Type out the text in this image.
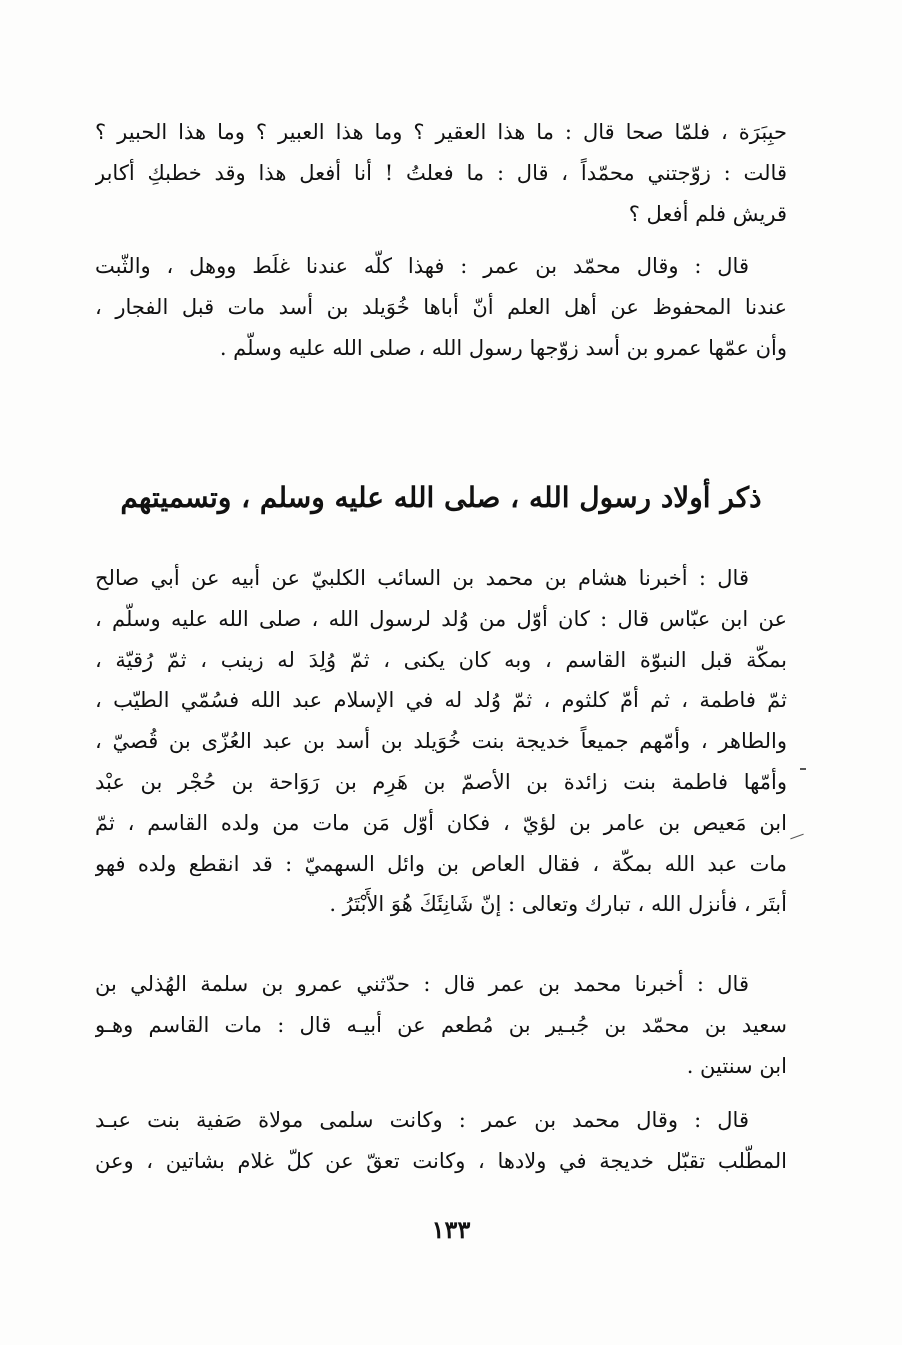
حبِبَرَة ، فلمّا صحا قال : ما هذا العقير ؟ وما هذا العبير ؟ وما هذا الحبير ؟
قالت : زوّجتني محمّداً ، قال : ما فعلتُ ! أنا أفعل هذا وقد خطبكِ أكابر
قريش فلم أفعل ؟
قال : وقال محمّد بن عمر : فهذا كلّه عندنا غلَط ووهل ، والثّبت
عندنا المحفوظ عن أهل العلم أنّ أباها خُوَيلد بن أسد مات قبل الفجار ،
وأن عمّها عمرو بن أسد زوّجها رسول الله ، صلى الله عليه وسلّم .
ذكر أولاد رسول الله ، صلى الله عليه وسلم ، وتسميتهم
قال : أخبرنا هشام بن محمد بن السائب الكلبيّ عن أبيه عن أبي صالح
عن ابن عبّاس قال : كان أوّل من وُلد لرسول الله ، صلى الله عليه وسلّم ،
بمكّة قبل النبوّة القاسم ، وبه كان يكنى ، ثمّ وُلِدَ له زينب ، ثمّ رُقيّة ،
ثمّ فاطمة ، ثم أمّ كلثوم ، ثمّ وُلد له في الإسلام عبد الله فسُمّي الطيّب ،
والطاهر ، وأمّهم جميعاً خديجة بنت خُوَيلد بن أسد بن عبد العُزّى بن قُصيّ ،
وأمّها فاطمة بنت زائدة بن الأصمّ بن هَرِم بن رَوَاحة بن حُجْر بن عبْد
ابن مَعيص بن عامر بن لؤيّ ، فكان أوّل مَن مات من ولده القاسم ، ثمّ
مات عبد الله بمكّة ، فقال العاص بن وائل السهميّ : قد انقطع ولده فهو
أبتَر ، فأنزل الله ، تبارك وتعالى : إنّ شَانِئَكَ هُوَ الأَبْتَرُ .
قال : أخبرنا محمد بن عمر قال : حدّثني عمرو بن سلمة الهُذلي بن
سعيد بن محمّد بن جُبـير بن مُطعم عن أبيـه قال : مات القاسم وهـو
ابن سنتين .
قال : وقال محمد بن عمر : وكانت سلمى مولاة صَفية بنت عبـد
المطّلب تقبّل خديجة في ولادها ، وكانت تعقّ عن كلّ غلام بشاتين ، وعن
١٣٣
